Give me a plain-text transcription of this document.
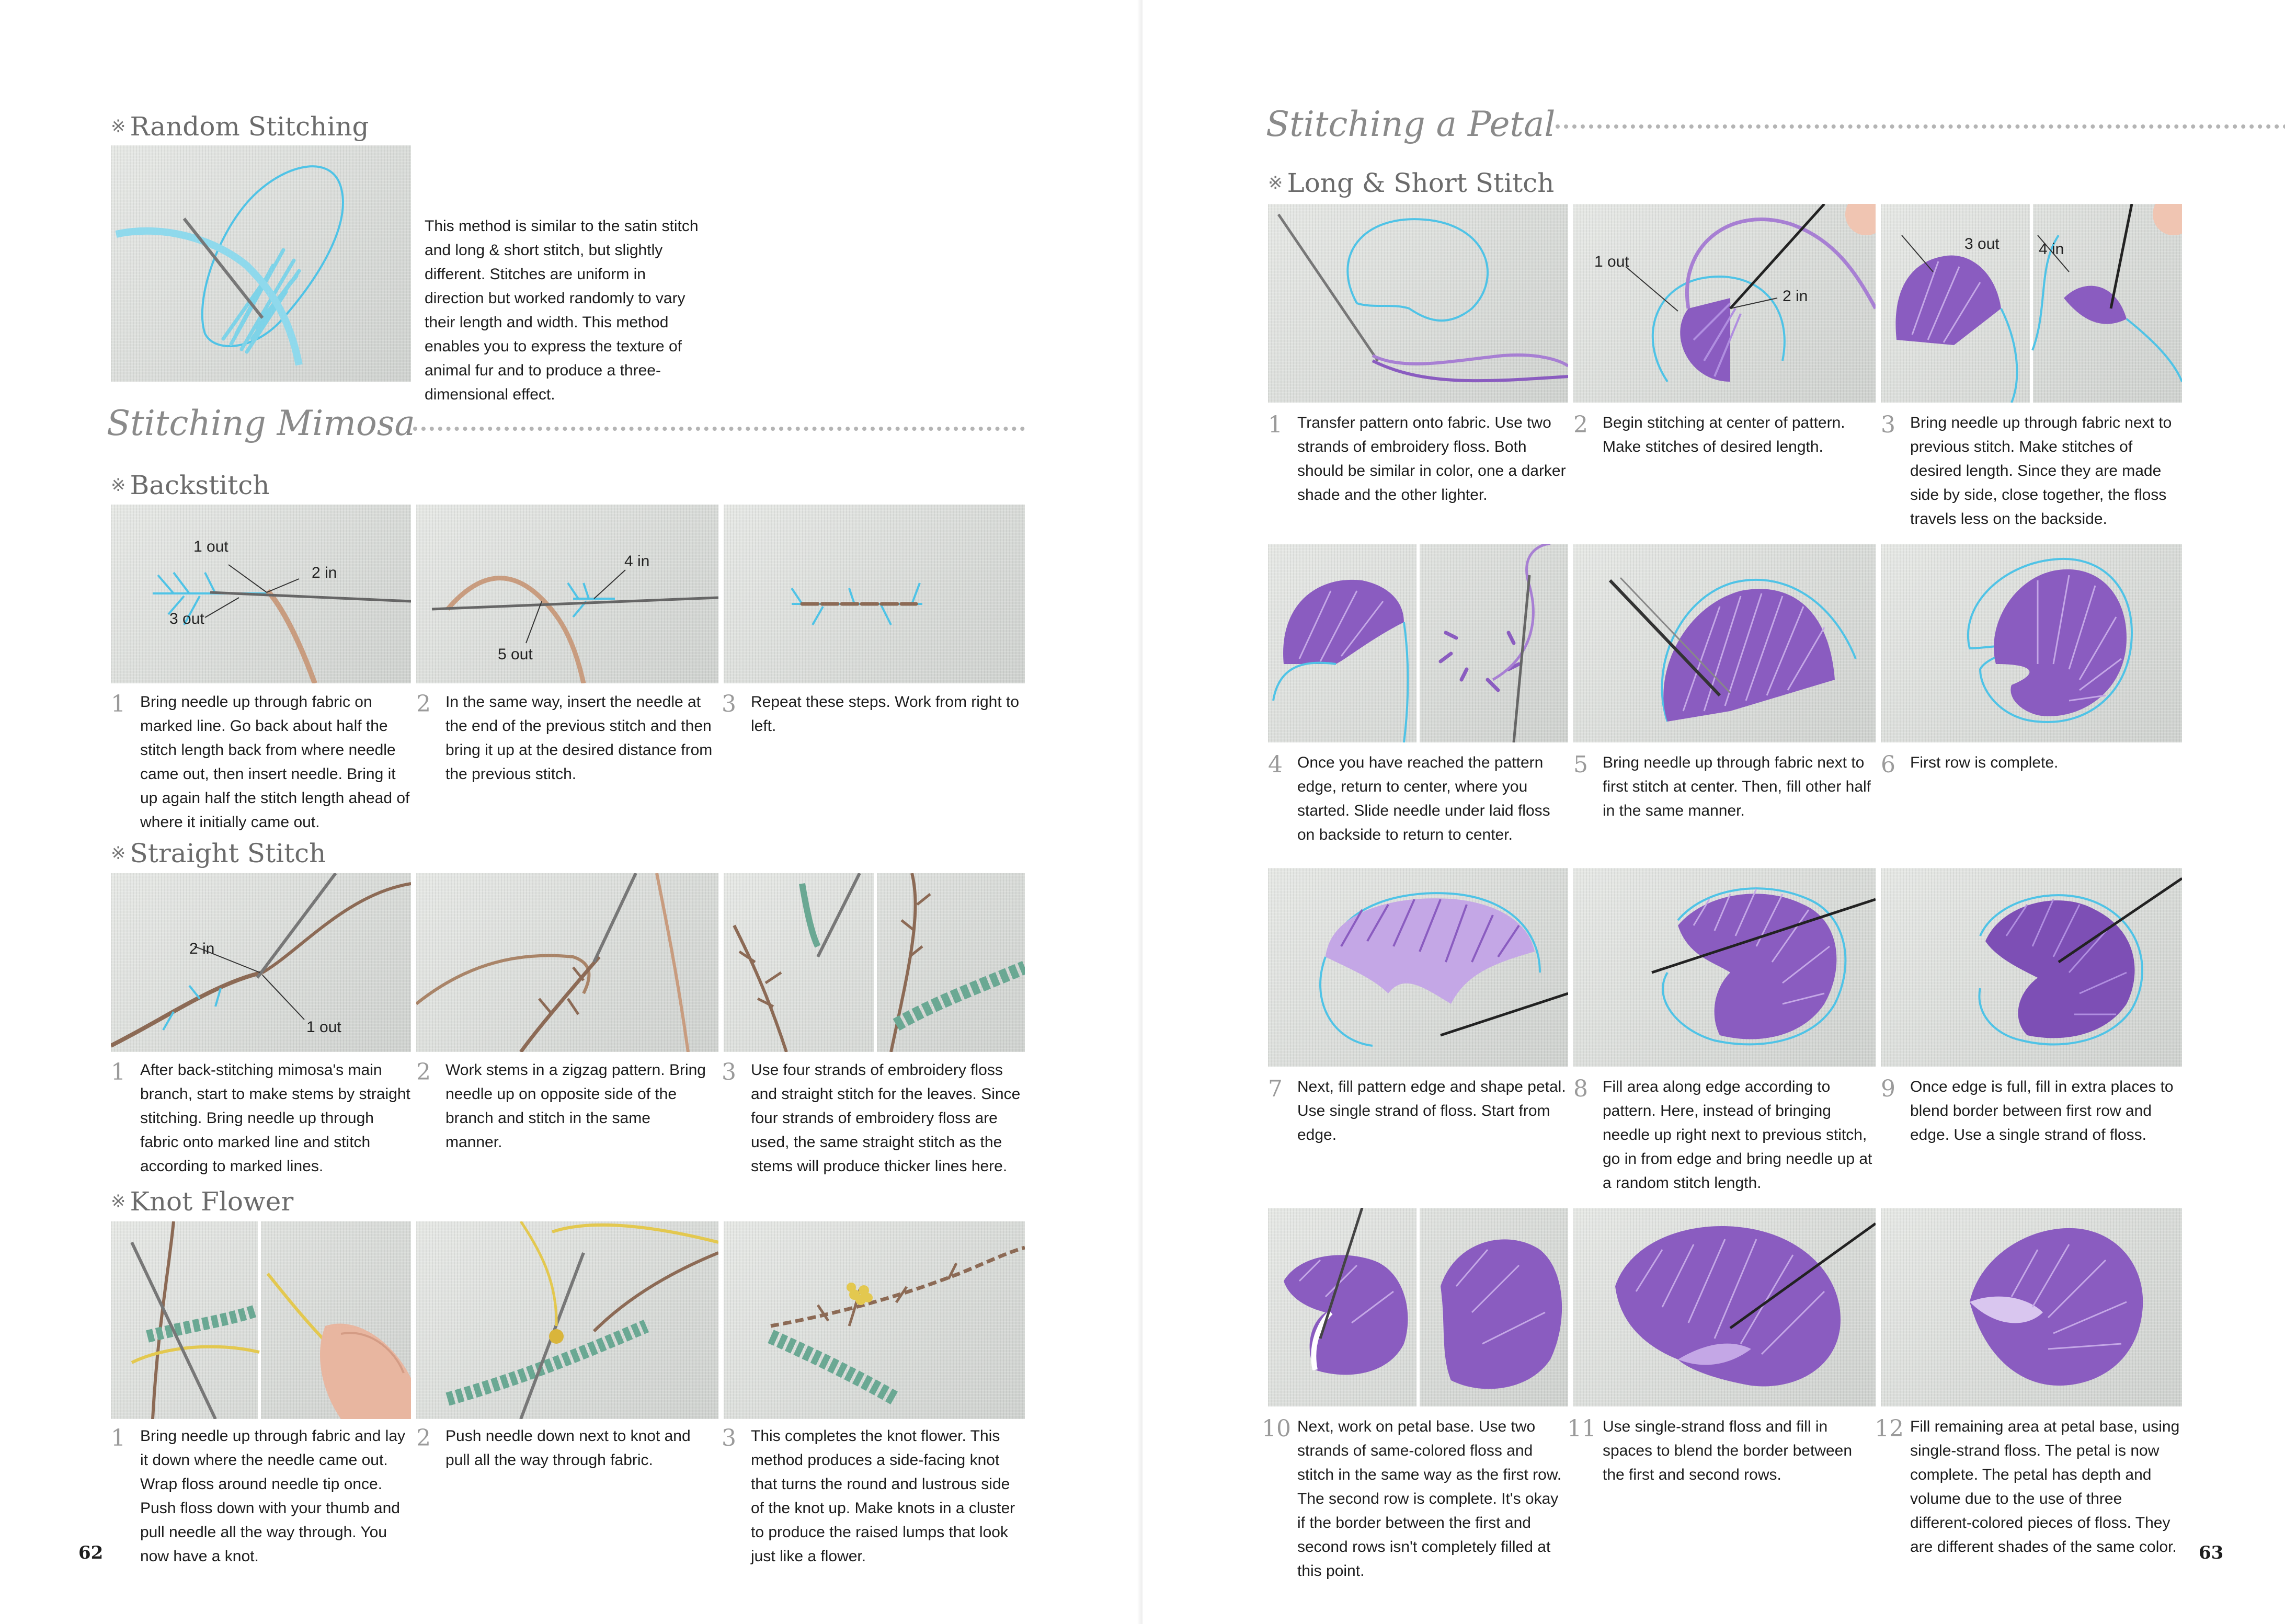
※ Random Stitching

This method is similar to the satin stitch and long & short stitch, but slightly different. Stitches are uniform in direction but worked randomly to vary their length and width. This method enables you to express the texture of animal fur and to produce a three-dimensional effect.

Stitching Mimosa
※ Backstitch
1 out
2 in
3 out
4 in
5 out
1 Bring needle up through fabric on marked line. Go back about half the stitch length back from where needle came out, then insert needle. Bring it up again half the stitch length ahead of where it initially came out.

2 In the same way, insert the needle at the end of the previous stitch and then bring it up at the desired distance from the previous stitch.

3 Repeat these steps. Work from right to left.

※ Straight Stitch
2 in
1 out
1 After back-stitching mimosa's main branch, start to make stems by straight stitching. Bring needle up through fabric onto marked line and stitch according to marked lines.

2 Work stems in a zigzag pattern. Bring needle up on opposite side of the branch and stitch in the same manner.

3 Use four strands of embroidery floss and straight stitch for the leaves. Since four strands of embroidery floss are used, the same straight stitch as the stems will produce thicker lines here.

※ Knot Flower
1 Bring needle up through fabric and lay it down where the needle came out. Wrap floss around needle tip once. Push floss down with your thumb and pull needle all the way through. You now have a knot.

2 Push needle down next to knot and pull all the way through fabric.

3 This completes the knot flower. This method produces a side-facing knot that turns the round and lustrous side of the knot up. Make knots in a cluster to produce the raised lumps that look just like a flower.

62
Stitching a Petal
※ Long & Short Stitch
1 out
2 in
3 out	4 in
1 Transfer pattern onto fabric. Use two strands of embroidery floss. Both should be similar in color, one a darker shade and the other lighter.

2 Begin stitching at center of pattern. Make stitches of desired length.

3 Bring needle up through fabric next to previous stitch. Make stitches of desired length. Since they are made side by side, close together, the floss travels less on the backside.

4 Once you have reached the pattern edge, return to center, where you started. Slide needle under laid floss on backside to return to center.

5 Bring needle up through fabric next to first stitch at center. Then, fill other half in the same manner.

6 First row is complete.

7 Next, fill pattern edge and shape petal. Use single strand of floss. Start from edge.

8 Fill area along edge according to pattern. Here, instead of bringing needle up right next to previous stitch, go in from edge and bring needle up at a random stitch length.

9 Once edge is full, fill in extra places to blend border between first row and edge. Use a single strand of floss.

10 Next, work on petal base. Use two strands of same-colored floss and stitch in the same way as the first row. The second row is complete. It's okay if the border between the first and second rows isn't completely filled at this point.

11 Use single-strand floss and fill in spaces to blend the border between the first and second rows.

12 Fill remaining area at petal base, using single-strand floss. The petal is now complete. The petal has depth and volume due to the use of three different-colored pieces of floss. They are different shades of the same color.	63
